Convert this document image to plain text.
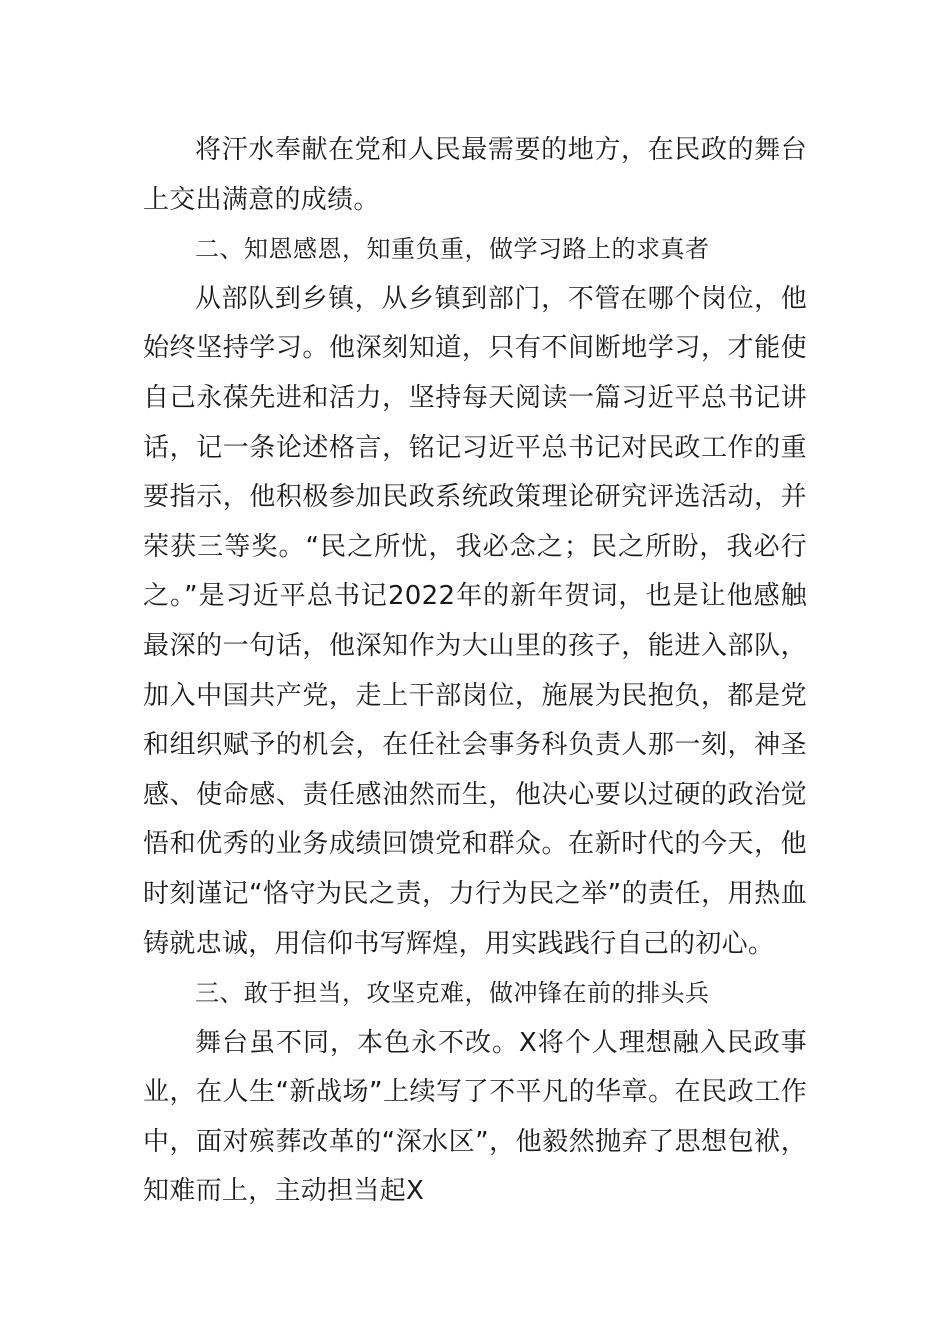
将汗水奉献在党和人民最需要的地方，在民政的舞台上交出满意的成绩。

二、知恩感恩，知重负重，做学习路上的求真者

从部队到乡镇，从乡镇到部门，不管在哪个岗位，他始终坚持学习。他深刻知道，只有不间断地学习，才能使自己永葆先进和活力，坚持每天阅读一篇习近平总书记讲话，记一条论述格言，铭记习近平总书记对民政工作的重要指示，他积极参加民政系统政策理论研究评选活动，并荣获三等奖。“民之所忧，我必念之；民之所盼，我必行之。”是习近平总书记2022年的新年贺词，也是让他感触最深的一句话，他深知作为大山里的孩子，能进入部队，加入中国共产党，走上干部岗位，施展为民抱负，都是党和组织赋予的机会，在任社会事务科负责人那一刻，神圣感、使命感、责任感油然而生，他决心要以过硬的政治觉悟和优秀的业务成绩回馈党和群众。在新时代的今天，他时刻谨记“恪守为民之责，力行为民之举”的责任，用热血铸就忠诚，用信仰书写辉煌，用实践践行自己的初心。

三、敢于担当，攻坚克难，做冲锋在前的排头兵

舞台虽不同，本色永不改。X将个人理想融入民政事业，在人生“新战场”上续写了不平凡的华章。在民政工作中，面对殡葬改革的“深水区”，他毅然抛弃了思想包袱，知难而上，主动担当起X
